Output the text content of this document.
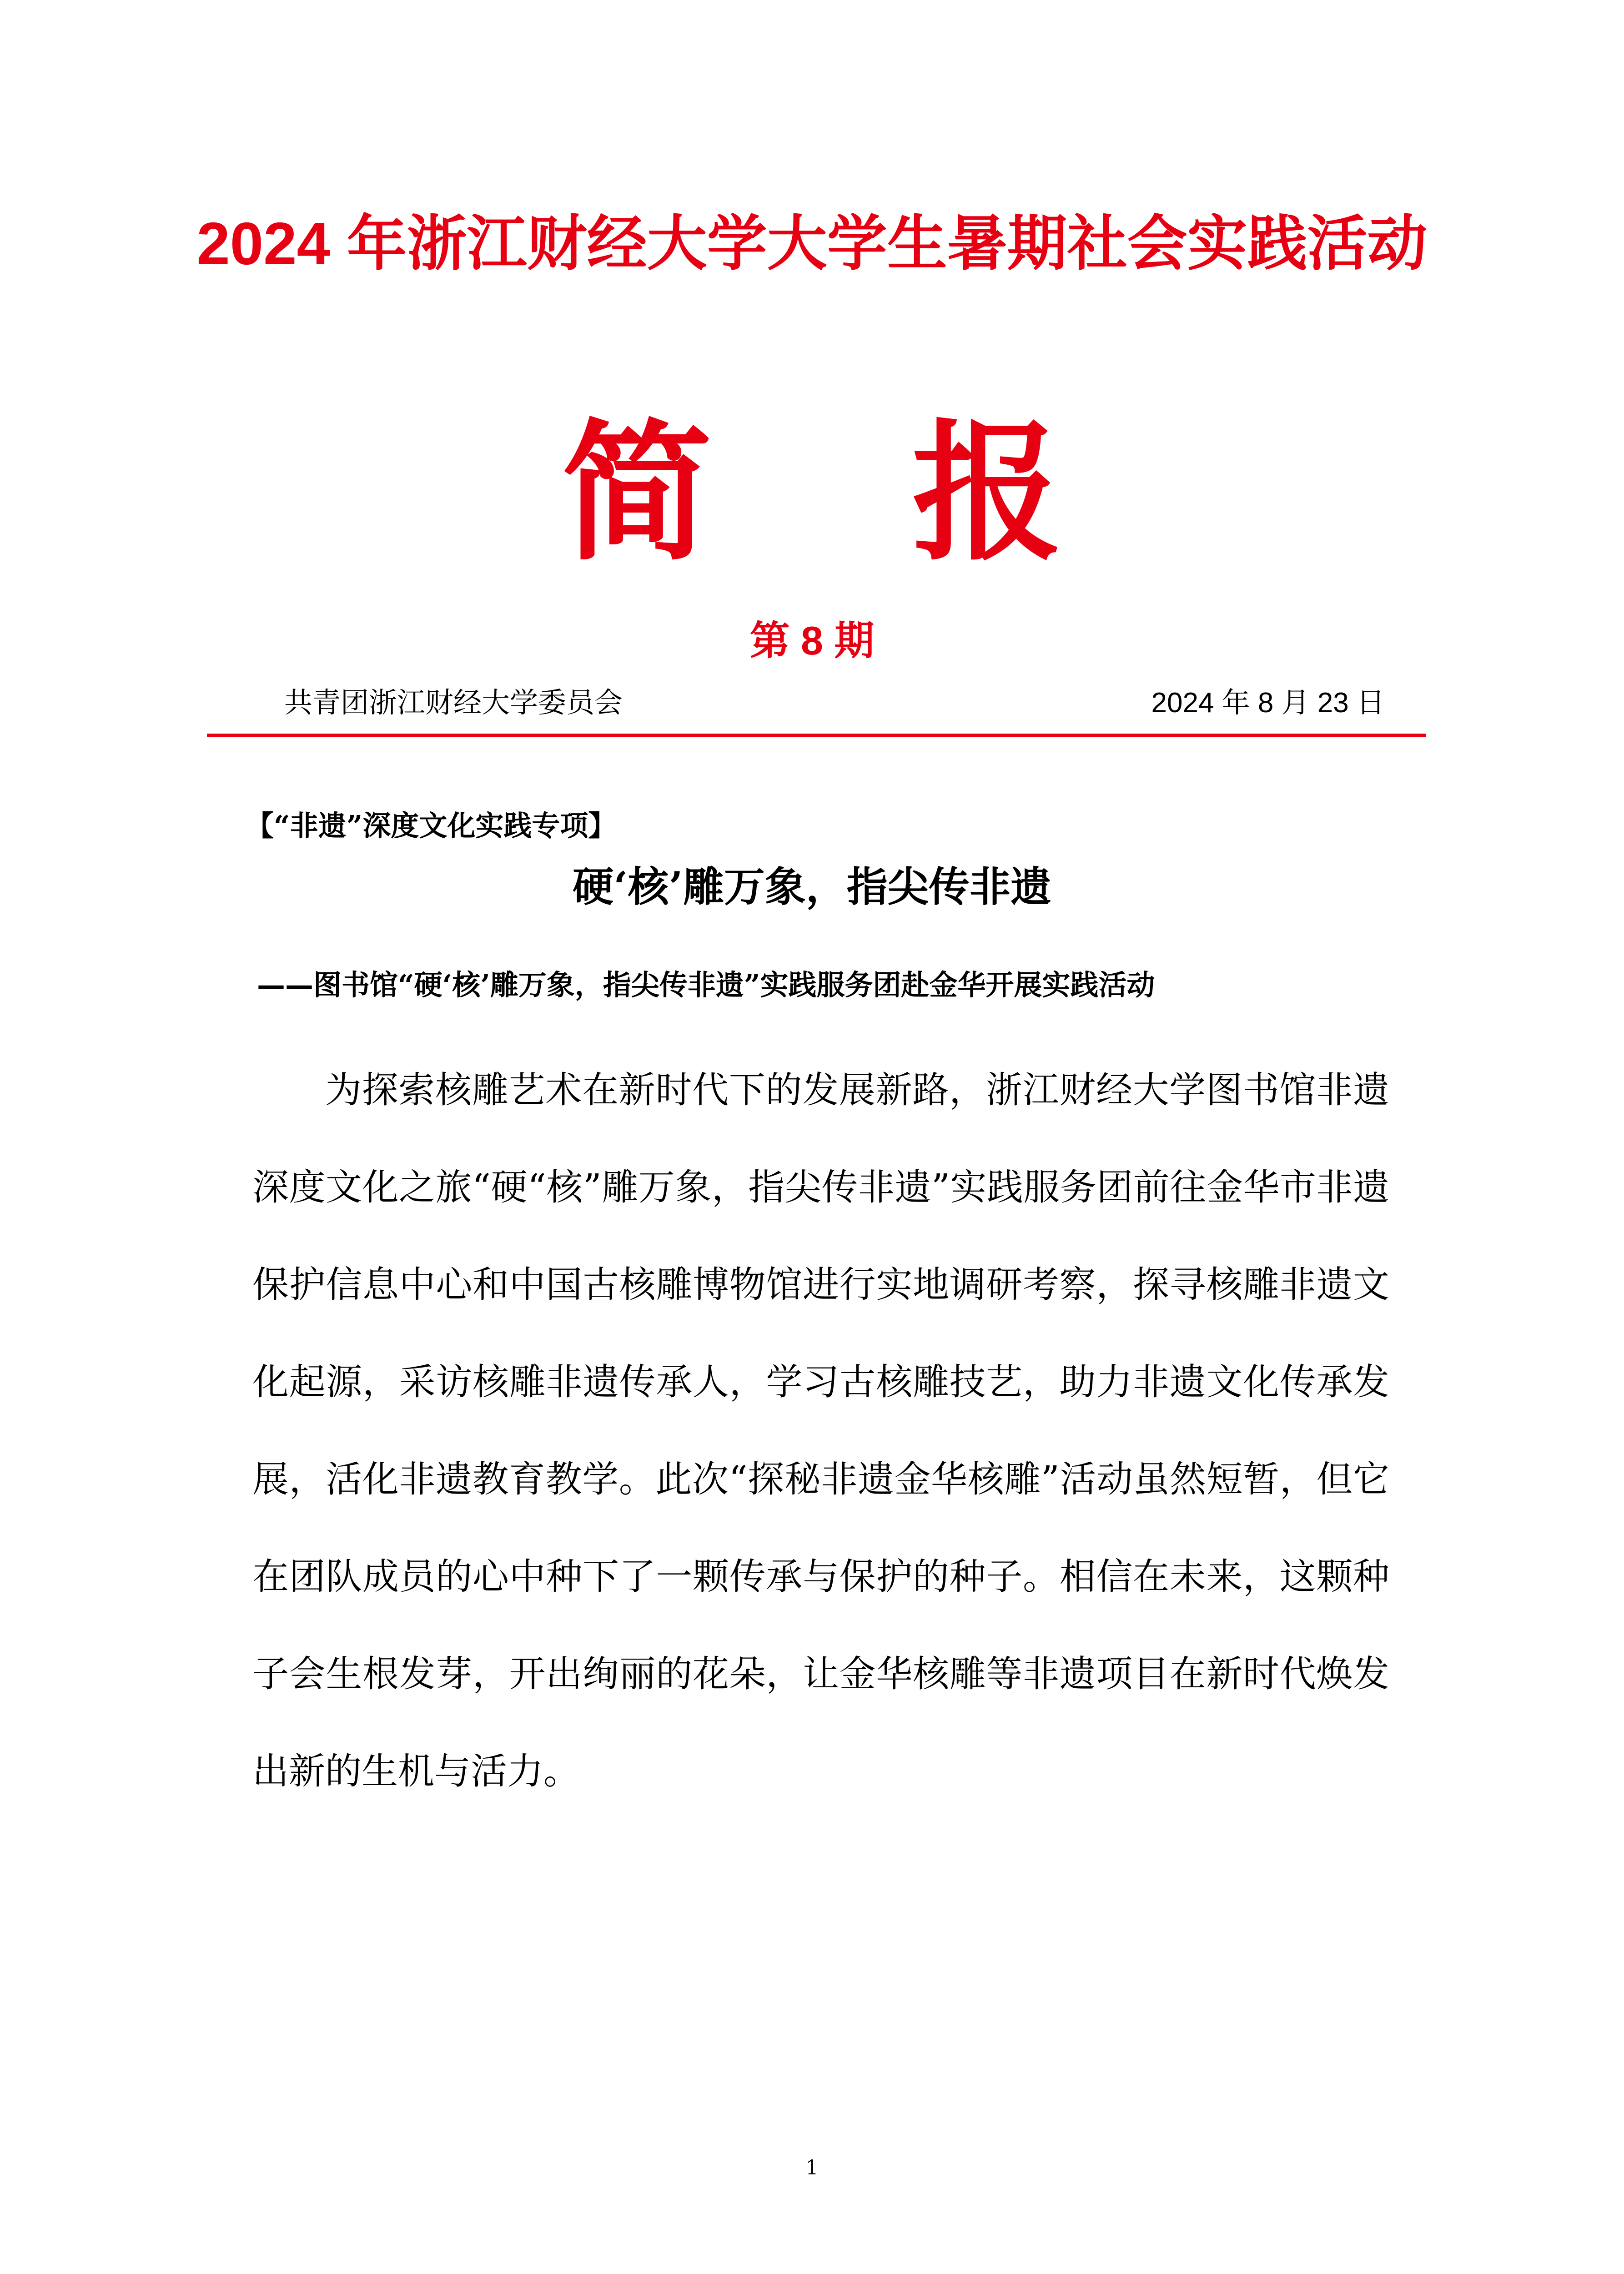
2024 年浙江财经大学大学生暑期社会实践活动
简 报
第 8 期
共青团浙江财经大学委员会	2024 年 8 月 23 日
【“非遗”深度文化实践专项】
硬‘核’雕万象，指尖传非遗
——图书馆“硬‘核’雕万象，指尖传非遗”实践服务团赴金华开展实践活动

为探索核雕艺术在新时代下的发展新路，浙江财经大学图书馆非遗深度文化之旅“硬“核”雕万象，指尖传非遗”实践服务团前往金华市非遗保护信息中心和中国古核雕博物馆进行实地调研考察，探寻核雕非遗文化起源，采访核雕非遗传承人，学习古核雕技艺，助力非遗文化传承发展，活化非遗教育教学。此次“探秘非遗金华核雕”活动虽然短暂，但它在团队成员的心中种下了一颗传承与保护的种子。相信在未来，这颗种子会生根发芽，开出绚丽的花朵，让金华核雕等非遗项目在新时代焕发出新的生机与活力。

1
